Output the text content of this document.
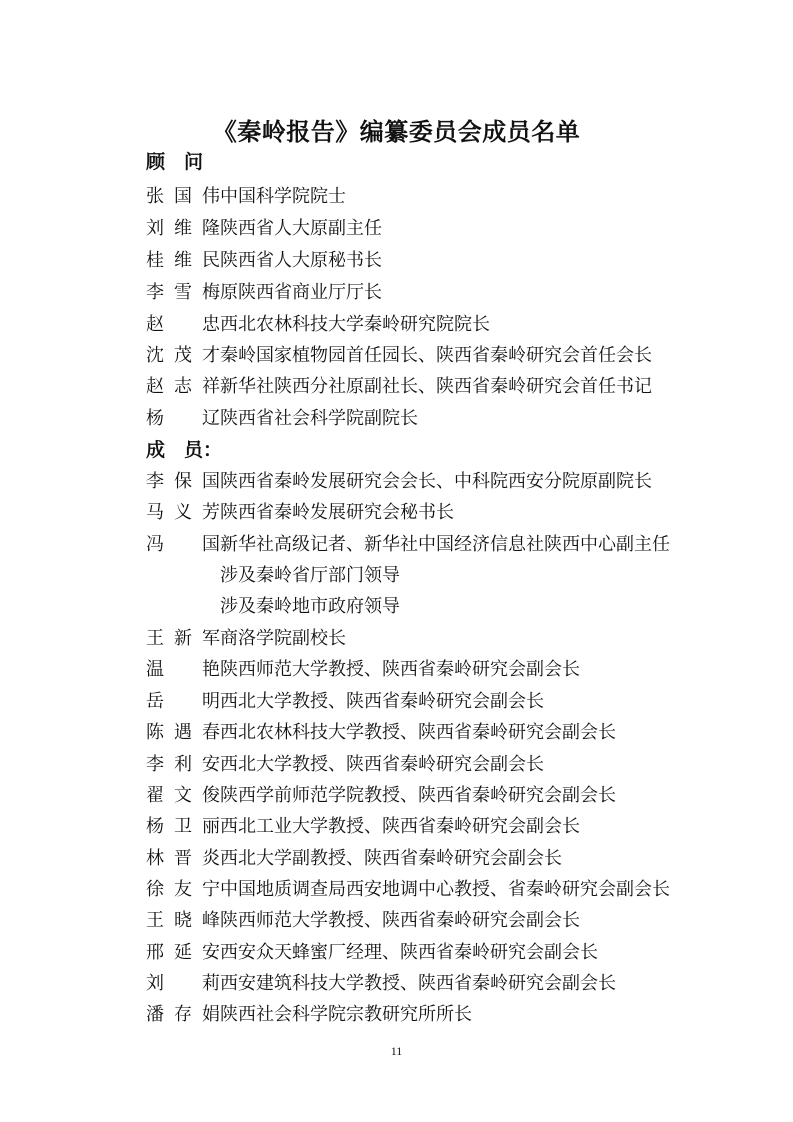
《秦岭报告》编纂委员会成员名单
顾　问
张国伟中国科学院院士
刘维隆陕西省人大原副主任
桂维民陕西省人大原秘书长
李雪梅原陕西省商业厅厅长
赵　忠西北农林科技大学秦岭研究院院长
沈茂才秦岭国家植物园首任园长、陕西省秦岭研究会首任会长
赵志祥新华社陕西分社原副社长、陕西省秦岭研究会首任书记
杨　辽陕西省社会科学院副院长
成　员：
李保国陕西省秦岭发展研究会会长、中科院西安分院原副院长
马义芳陕西省秦岭发展研究会秘书长
冯　国新华社高级记者、新华社中国经济信息社陕西中心副主任
涉及秦岭省厅部门领导
涉及秦岭地市政府领导
王新军商洛学院副校长
温　艳陕西师范大学教授、陕西省秦岭研究会副会长
岳　明西北大学教授、陕西省秦岭研究会副会长
陈遇春西北农林科技大学教授、陕西省秦岭研究会副会长
李利安西北大学教授、陕西省秦岭研究会副会长
翟文俊陕西学前师范学院教授、陕西省秦岭研究会副会长
杨卫丽西北工业大学教授、陕西省秦岭研究会副会长
林晋炎西北大学副教授、陕西省秦岭研究会副会长
徐友宁中国地质调查局西安地调中心教授、省秦岭研究会副会长
王晓峰陕西师范大学教授、陕西省秦岭研究会副会长
邢延安西安众天蜂蜜厂经理、陕西省秦岭研究会副会长
刘　莉西安建筑科技大学教授、陕西省秦岭研究会副会长
潘存娟陕西社会科学院宗教研究所所长
11
